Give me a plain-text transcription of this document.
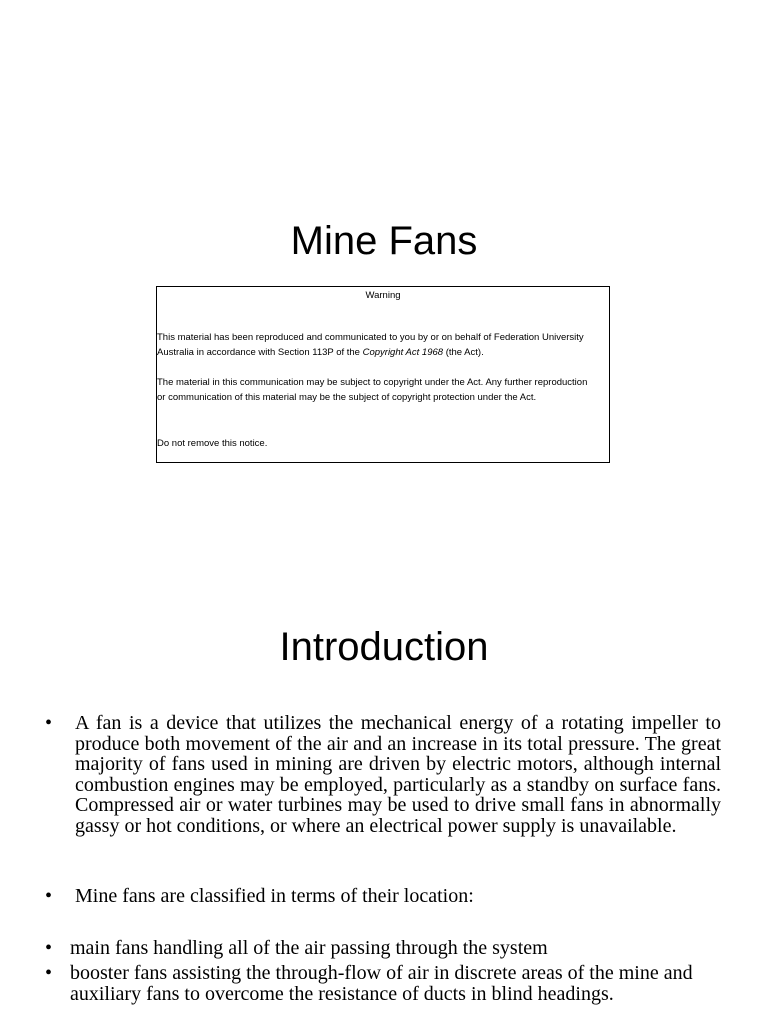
Mine Fans
Warning

This material has been reproduced and communicated to you by or on behalf of Federation University Australia in accordance with Section 113P of the Copyright Act 1968 (the Act).

The material in this communication may be subject to copyright under the Act. Any further reproduction or communication of this material may be the subject of copyright protection under the Act.

Do not remove this notice.

Introduction
• A fan is a device that utilizes the mechanical energy of a rotating impeller to produce both movement of the air and an increase in its total pressure. The great majority of fans used in mining are driven by electric motors, although internal combustion engines may be employed, particularly as a standby on surface fans. Compressed air or water turbines may be used to drive small fans in abnormally gassy or hot conditions, or where an electrical power supply is unavailable.
• Mine fans are classified in terms of their location:
• main fans handling all of the air passing through the system
• booster fans assisting the through-flow of air in discrete areas of the mine and auxiliary fans to overcome the resistance of ducts in blind headings.
